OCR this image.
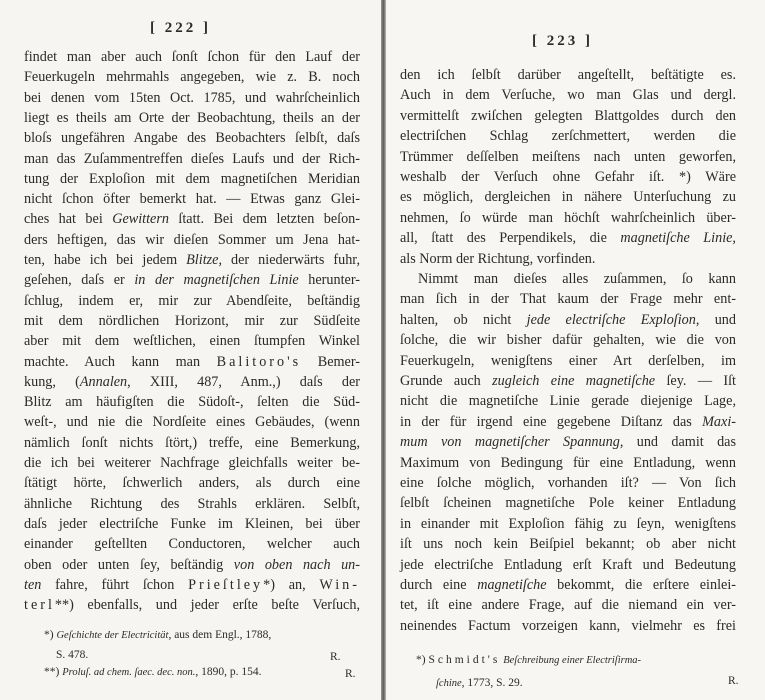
[ 222 ]
findet man aber auch ſonſt ſchon für den Lauf der
Feuerkugeln mehrmahls angegeben, wie z. B. noch
bei denen vom 15ten Oct. 1785, und wahrſcheinlich
liegt es theils am Orte der Beobachtung, theils an der
bloſs ungefähren Angabe des Beobachters ſelbſt, daſs
man das Zuſammentreffen dieſes Laufs und der Rich-
tung der Exploſion mit dem magnetiſchen Meridian
nicht ſchon öfter bemerkt hat. — Etwas ganz Glei-
ches hat bei Gewittern ſtatt. Bei dem letzten beſon-
ders heftigen, das wir dieſen Sommer um Jena hat-
ten, habe ich bei jedem Blitze, der niederwärts fuhr,
geſehen, daſs er in der magnetiſchen Linie herunter-
ſchlug, indem er, mir zur Abendſeite, beſtändig
mit dem nördlichen Horizont, mir zur Südſeite
aber mit dem weſtlichen, einen ſtumpfen Winkel
machte. Auch kann man Balitoro's Bemer-
kung, (Annalen, XIII, 487, Anm.,) daſs der
Blitz am häufigſten die Südoſt-, ſelten die Süd-
weſt-, und nie die Nordſeite eines Gebäudes, (wenn
nämlich ſonſt nichts ſtört,) treffe, eine Bemerkung,
die ich bei weiterer Nachfrage gleichfalls weiter be-
ſtätigt hörte, ſchwerlich anders, als durch eine
ähnliche Richtung des Strahls erklären. Selbſt,
daſs jeder electriſche Funke im Kleinen, bei über
einander geſtellten Conductoren, welcher auch
oben oder unten ſey, beſtändig von oben nach un-
ten fahre, führt ſchon Prieſtley*) an, Win-
terl**) ebenfalls, und jeder erſte beſte Verſuch,
*) Geſchichte der Electricität, aus dem Engl., 1788,
S. 478.
**) Proluſ. ad chem. ſaec. dec. non., 1890, p. 154.
R.
R.
[ 223 ]
den ich ſelbſt darüber angeſtellt, beſtätigte es.
Auch in dem Verſuche, wo man Glas und dergl.
vermittelſt zwiſchen gelegten Blattgoldes durch den
electriſchen Schlag zerſchmettert, werden die
Trümmer deſſelben meiſtens nach unten geworfen,
weshalb der Verſuch ohne Gefahr iſt. *) Wäre
es möglich, dergleichen in nähere Unterſuchung zu
nehmen, ſo würde man höchſt wahrſcheinlich über-
all, ſtatt des Perpendikels, die magnetiſche Linie,
als Norm der Richtung, vorfinden.
Nimmt man dieſes alles zuſammen, ſo kann
man ſich in der That kaum der Frage mehr ent-
halten, ob nicht jede electriſche Exploſion, und
ſolche, die wir bisher dafür gehalten, wie die von
Feuerkugeln, wenigſtens einer Art derſelben, im
Grunde auch zugleich eine magnetiſche ſey. — Iſt
nicht die magnetiſche Linie gerade diejenige Lage,
in der für irgend eine gegebene Diſtanz das Maxi-
mum von magnetiſcher Spannung, und damit das
Maximum von Bedingung für eine Entladung, wenn
eine ſolche möglich, vorhanden iſt? — Von ſich
ſelbſt ſcheinen magnetiſche Pole keiner Entladung
in einander mit Exploſion fähig zu ſeyn, wenigſtens
iſt uns noch kein Beiſpiel bekannt; ob aber nicht
jede electriſche Entladung erſt Kraft und Bedeutung
durch eine magnetiſche bekommt, die erſtere einlei-
tet, iſt eine andere Frage, auf die niemand ein ver-
neinendes Factum vorzeigen kann, vielmehr es frei
*) Schmidt's Beſchreibung einer Electriſirma-
ſchine, 1773, S. 29.	R.
